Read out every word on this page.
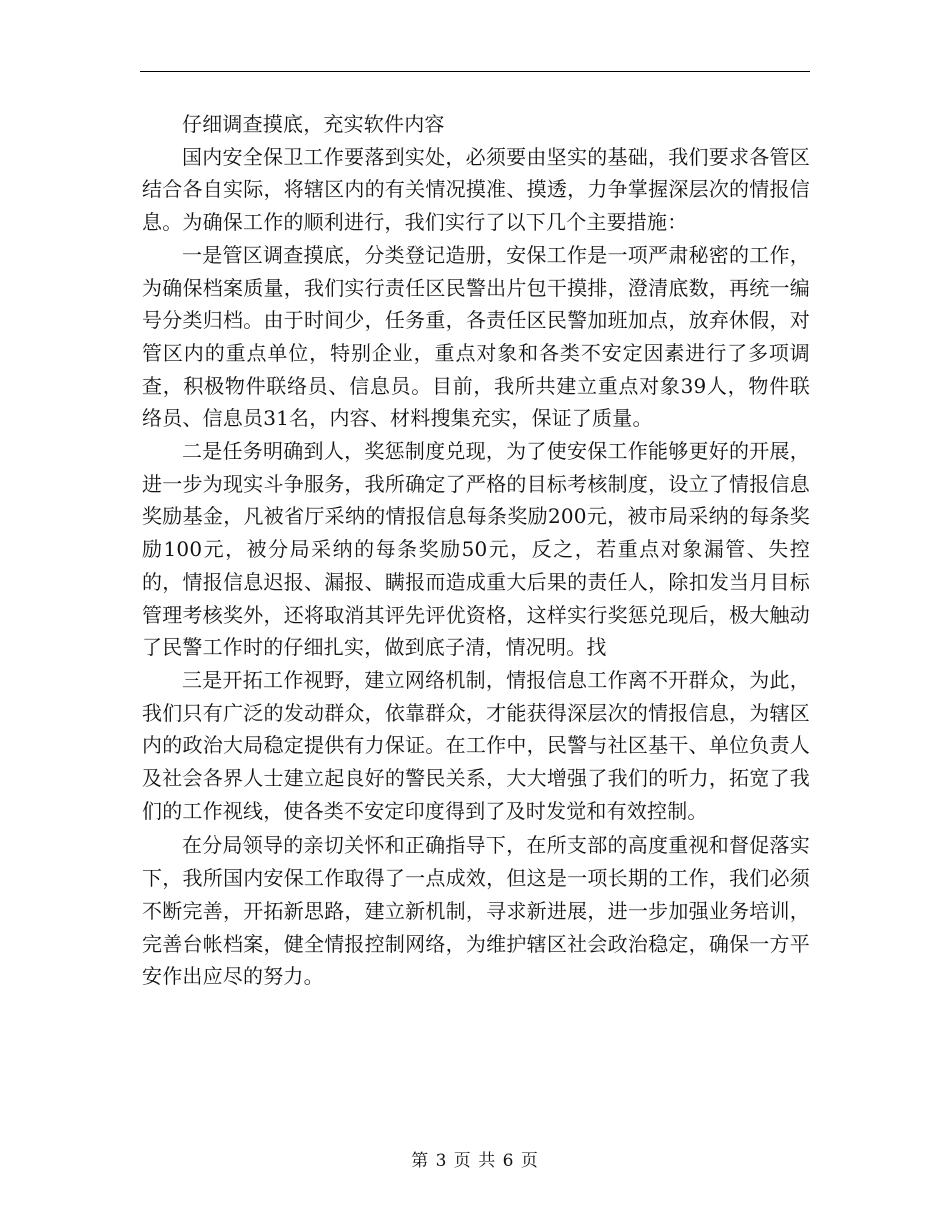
仔细调查摸底，充实软件内容

国内安全保卫工作要落到实处，必须要由坚实的基础，我们要求各管区结合各自实际，将辖区内的有关情况摸准、摸透，力争掌握深层次的情报信息。为确保工作的顺利进行，我们实行了以下几个主要措施：

一是管区调查摸底，分类登记造册，安保工作是一项严肃秘密的工作，为确保档案质量，我们实行责任区民警出片包干摸排，澄清底数，再统一编号分类归档。由于时间少，任务重，各责任区民警加班加点，放弃休假，对管区内的重点单位，特别企业，重点对象和各类不安定因素进行了多项调查，积极物件联络员、信息员。目前，我所共建立重点对象39人，物件联络员、信息员31名，内容、材料搜集充实，保证了质量。

二是任务明确到人，奖惩制度兑现，为了使安保工作能够更好的开展，进一步为现实斗争服务，我所确定了严格的目标考核制度，设立了情报信息奖励基金，凡被省厅采纳的情报信息每条奖励200元，被市局采纳的每条奖励100元，被分局采纳的每条奖励50元，反之，若重点对象漏管、失控的，情报信息迟报、漏报、瞒报而造成重大后果的责任人，除扣发当月目标管理考核奖外，还将取消其评先评优资格，这样实行奖惩兑现后，极大触动了民警工作时的仔细扎实，做到底子清，情况明。找

三是开拓工作视野，建立网络机制，情报信息工作离不开群众，为此，我们只有广泛的发动群众，依靠群众，才能获得深层次的情报信息，为辖区内的政治大局稳定提供有力保证。在工作中，民警与社区基干、单位负责人及社会各界人士建立起良好的警民关系，大大增强了我们的听力，拓宽了我们的工作视线，使各类不安定印度得到了及时发觉和有效控制。

在分局领导的亲切关怀和正确指导下，在所支部的高度重视和督促落实下，我所国内安保工作取得了一点成效，但这是一项长期的工作，我们必须不断完善，开拓新思路，建立新机制，寻求新进展，进一步加强业务培训，完善台帐档案，健全情报控制网络，为维护辖区社会政治稳定，确保一方平安作出应尽的努力。

第 3 页 共 6 页
